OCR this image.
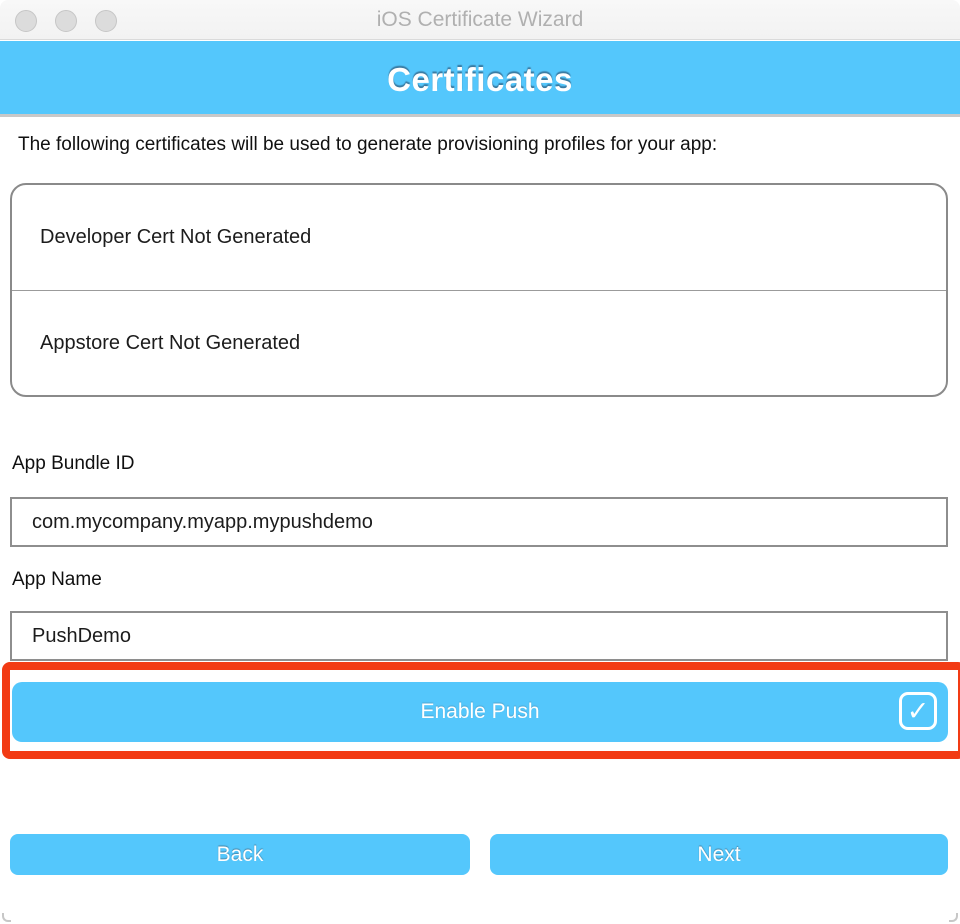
iOS Certificate Wizard
Certificates
The following certificates will be used to generate provisioning profiles for your app:
Developer Cert Not Generated
Appstore Cert Not Generated
App Bundle ID
com.mycompany.myapp.mypushdemo
App Name
PushDemo
Enable Push	✓
Back	Next
